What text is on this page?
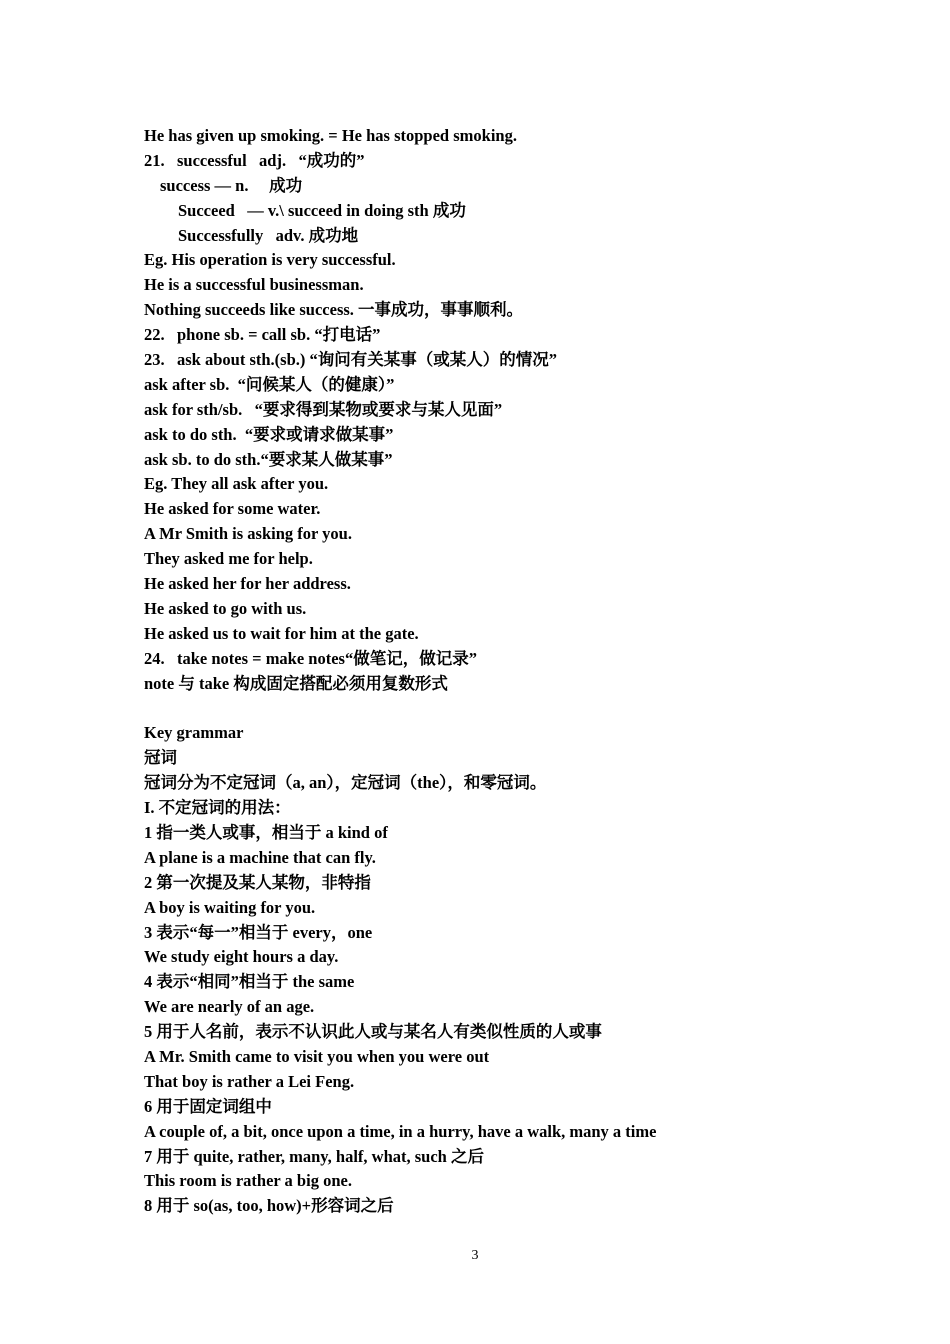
He has given up smoking. = He has stopped smoking.
21.   successful   adj.   “成功的”
success — n.     成功
Succeed   — v.\ succeed in doing sth 成功
Successfully   adv. 成功地
Eg. His operation is very successful.
He is a successful businessman.
Nothing succeeds like success. 一事成功，事事顺利。
22.   phone sb. = call sb. “打电话”
23.   ask about sth.(sb.) “询问有关某事（或某人）的情况”
ask after sb.  “问候某人（的健康）”
ask for sth/sb.   “要求得到某物或要求与某人见面”
ask to do sth.  “要求或请求做某事”
ask sb. to do sth.“要求某人做某事”
Eg. They all ask after you.
He asked for some water.
A Mr Smith is asking for you.
They asked me for help.
He asked her for her address.
He asked to go with us.
He asked us to wait for him at the gate.
24.   take notes = make notes“做笔记，做记录”
note 与 take 构成固定搭配必须用复数形式
Key grammar
冠词
冠词分为不定冠词（a, an），定冠词（the），和零冠词。
I. 不定冠词的用法：
1 指一类人或事，相当于 a kind of
A plane is a machine that can fly.
2 第一次提及某人某物，非特指
A boy is waiting for you.
3 表示“每一”相当于 every，one
We study eight hours a day.
4 表示“相同”相当于 the same
We are nearly of an age.
5 用于人名前，表示不认识此人或与某名人有类似性质的人或事
A Mr. Smith came to visit you when you were out
That boy is rather a Lei Feng.
6 用于固定词组中
A couple of, a bit, once upon a time, in a hurry, have a walk, many a time
7 用于 quite, rather, many, half, what, such 之后
This room is rather a big one.
8 用于 so(as, too, how)+形容词之后
3
